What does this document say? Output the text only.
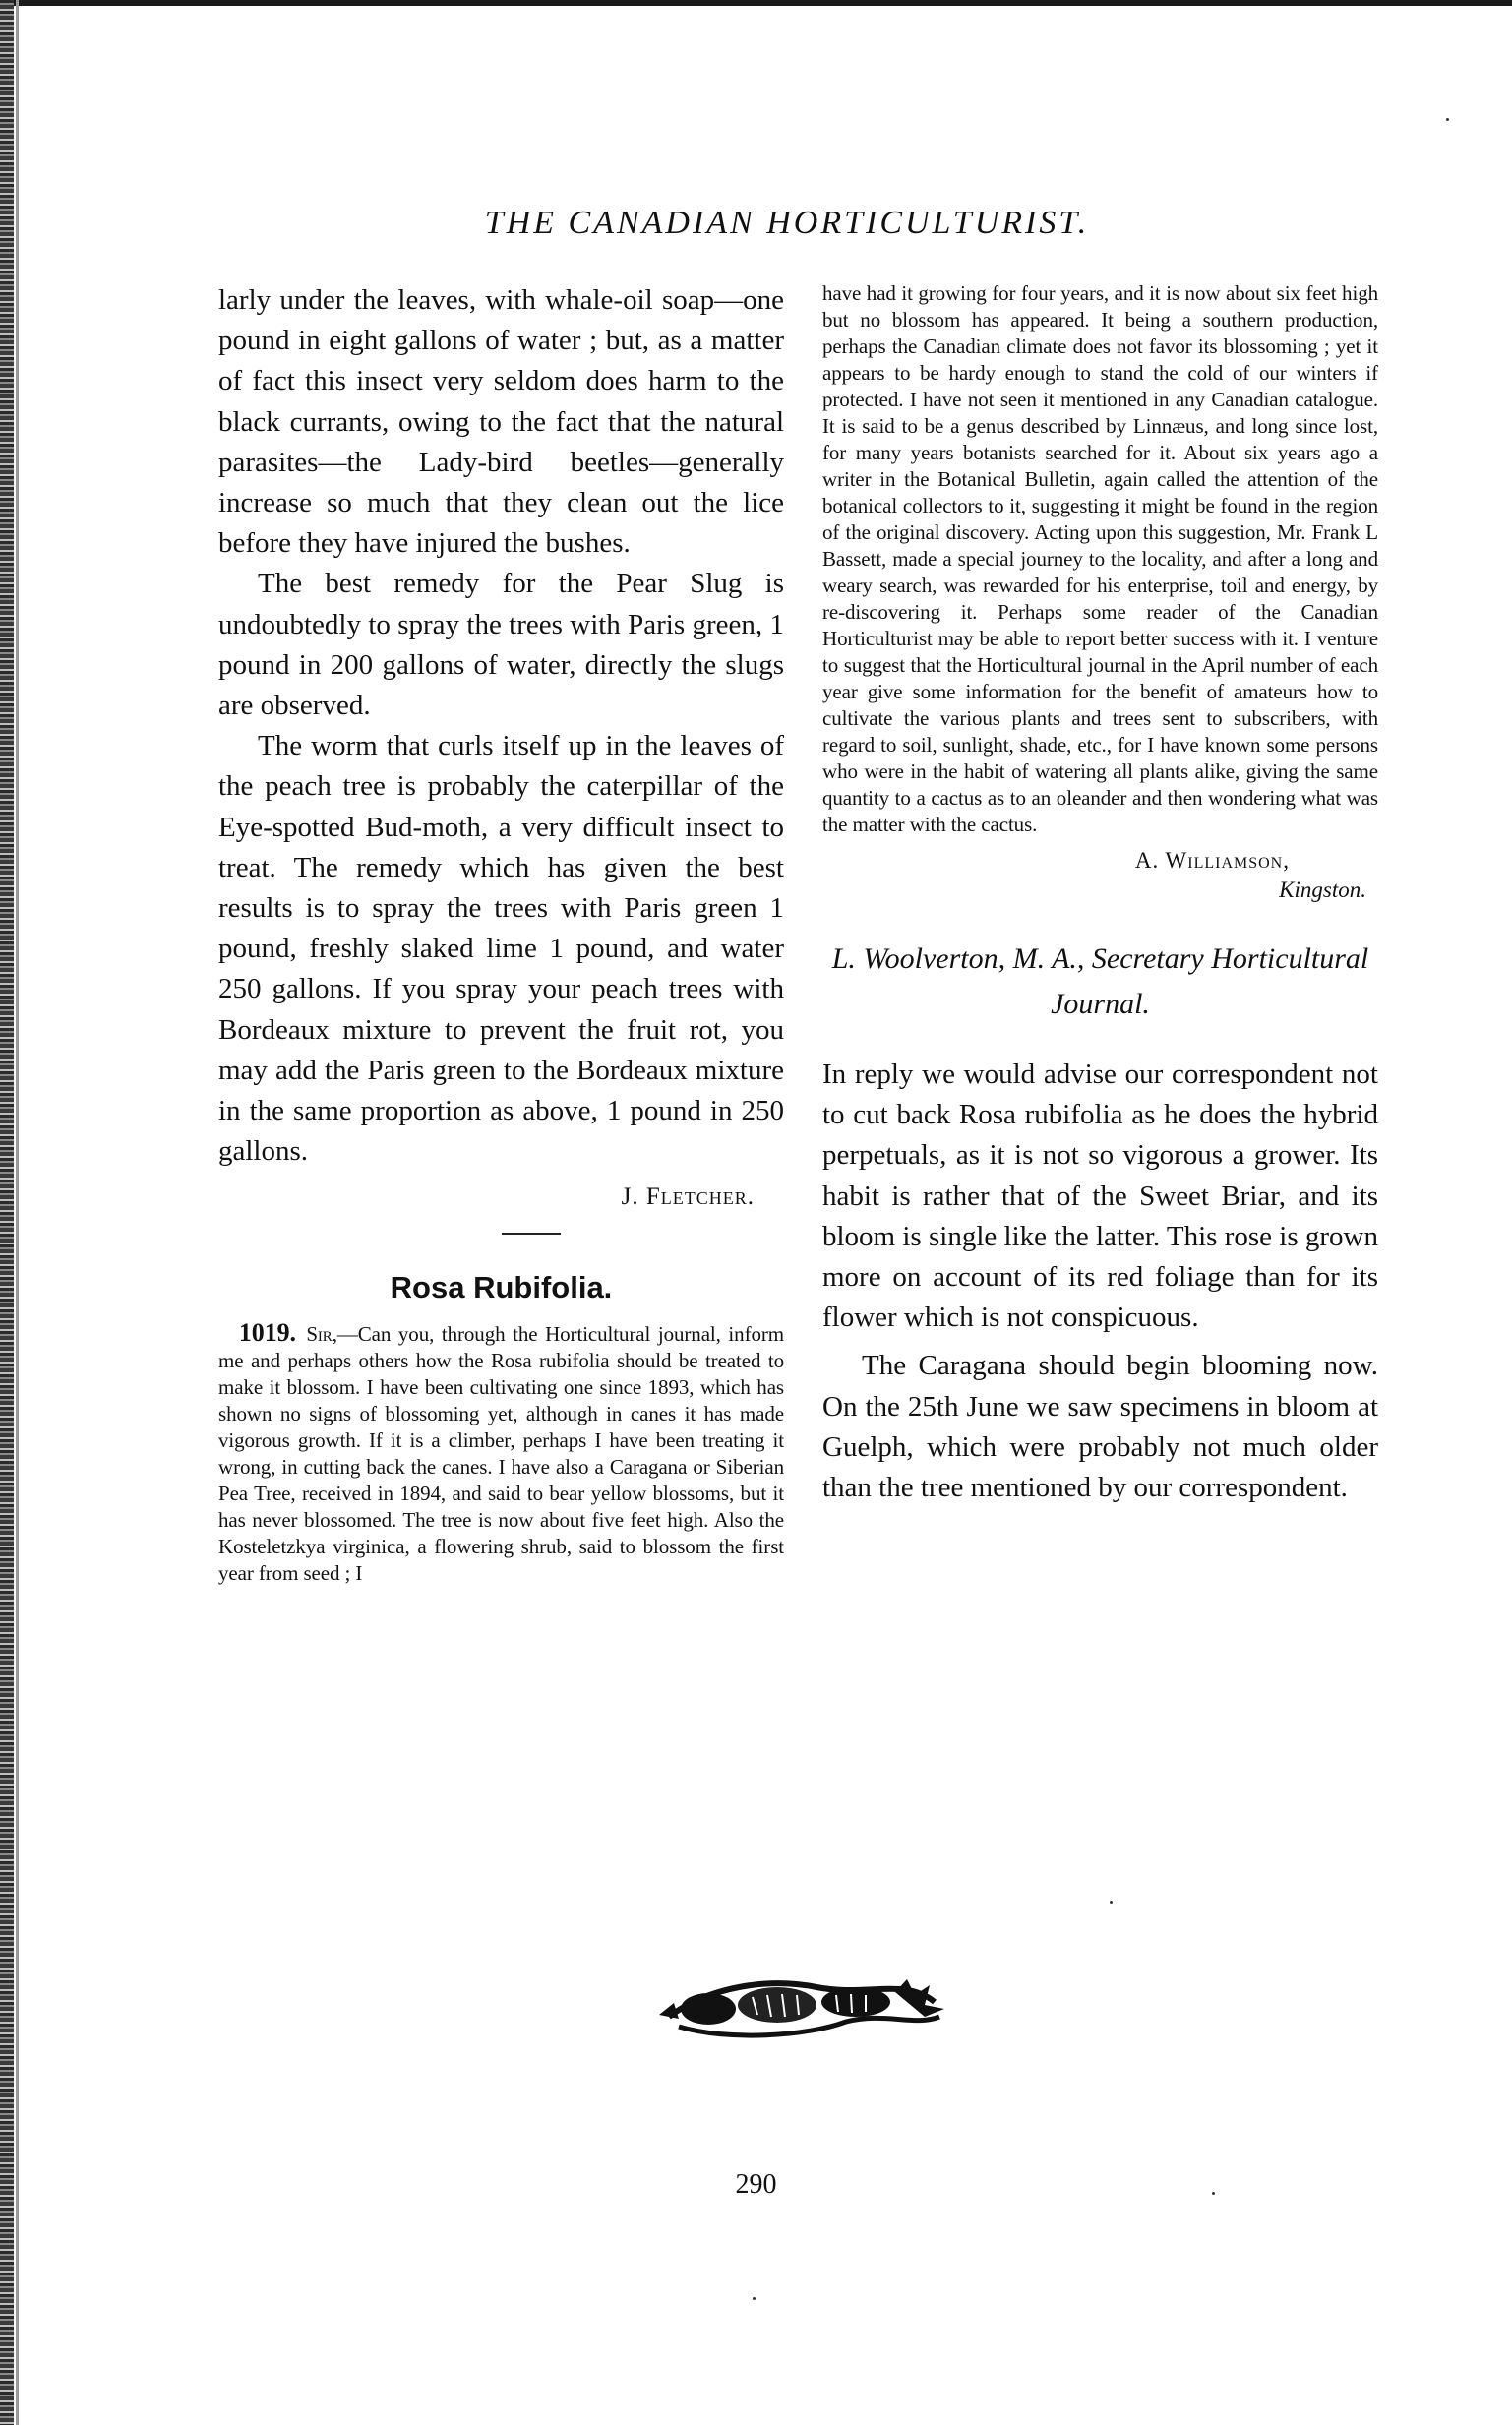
THE CANADIAN HORTICULTURIST.

larly under the leaves, with whale-oil soap—one pound in eight gallons of water ; but, as a matter of fact this insect very seldom does harm to the black currants, owing to the fact that the natural parasites—the Lady-bird beetles—generally increase so much that they clean out the lice before they have injured the bushes.

The best remedy for the Pear Slug is undoubtedly to spray the trees with Paris green, 1 pound in 200 gallons of water, directly the slugs are observed.

The worm that curls itself up in the leaves of the peach tree is probably the caterpillar of the Eye-spotted Bud-moth, a very difficult insect to treat. The remedy which has given the best results is to spray the trees with Paris green 1 pound, freshly slaked lime 1 pound, and water 250 gallons. If you spray your peach trees with Bordeaux mixture to prevent the fruit rot, you may add the Paris green to the Bordeaux mixture in the same proportion as above, 1 pound in 250 gallons.

J. Fletcher.
Rosa Rubifolia.

 1019.  Sir,—Can you, through the Horticultural journal, inform me and perhaps others how the Rosa rubifolia should be treated to make it blossom. I have been cultivating one since 1893, which has shown no signs of blossoming yet, although in canes it has made vigorous growth. If it is a climber, perhaps I have been treating it wrong, in cutting back the canes. I have also a Caragana or Siberian Pea Tree, received in 1894, and said to bear yellow blossoms, but it has never blossomed. The tree is now about five feet high. Also the Kosteletzkya virginica, a flowering shrub, said to blossom the first year from seed ; I

have had it growing for four years, and it is now about six feet high but no blossom has appeared. It being a southern production, perhaps the Canadian climate does not favor its blossoming ; yet it appears to be hardy enough to stand the cold of our winters if protected. I have not seen it mentioned in any Canadian catalogue. It is said to be a genus described by Linnæus, and long since lost, for many years botanists searched for it. About six years ago a writer in the Botanical Bulletin, again called the attention of the botanical collectors to it, suggesting it might be found in the region of the original discovery. Acting upon this suggestion, Mr. Frank L Bassett, made a special journey to the locality, and after a long and weary search, was rewarded for his enterprise, toil and energy, by re-discovering it. Perhaps some reader of the Canadian Horticulturist may be able to report better success with it. I venture to suggest that the Horticultural journal in the April number of each year give some information for the benefit of amateurs how to cultivate the various plants and trees sent to subscribers, with regard to soil, sunlight, shade, etc., for I have known some persons who were in the habit of watering all plants alike, giving the same quantity to a cactus as to an oleander and then wondering what was the matter with the cactus.

A. Williamson,
Kingston.
L. Woolverton, M. A., Secretary Horticultural Journal.

In reply we would advise our correspondent not to cut back Rosa rubifolia as he does the hybrid perpetuals, as it is not so vigorous a grower. Its habit is rather that of the Sweet Briar, and its bloom is single like the latter. This rose is grown more on account of its red foliage than for its flower which is not conspicuous.

The Caragana should begin blooming now. On the 25th June we saw specimens in bloom at Guelph, which were probably not much older than the tree mentioned by our correspondent.

290
